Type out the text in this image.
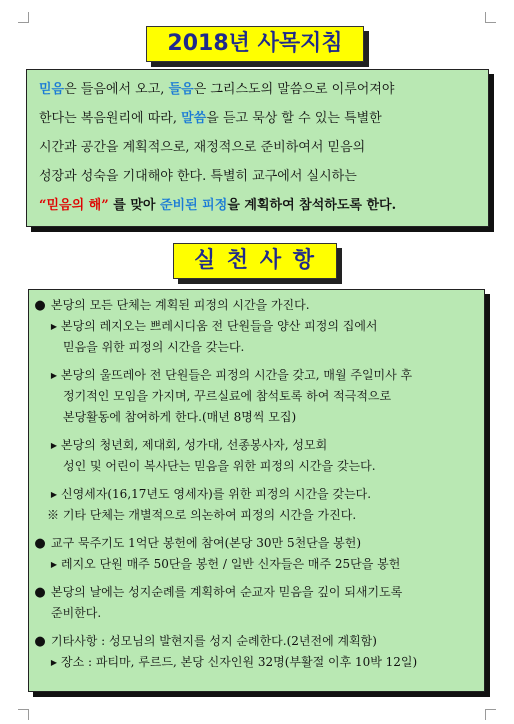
2018년 사목지침
믿음은 들음에서 오고, 들음은 그리스도의 말씀으로 이루어져야
한다는 복음원리에 따라, 말씀을 듣고 묵상 할 수 있는 특별한
시간과 공간을 계획적으로, 재정적으로 준비하여서 믿음의
성장과 성숙을 기대해야 한다. 특별히 교구에서 실시하는
“믿음의 해” 를 맞아 준비된 피정을 계획하여 참석하도록 한다.
실 천 사 항
● 본당의 모든 단체는 계획된 피정의 시간을 가진다.
▶ 본당의 레지오는 쁘레시디움 전 단원들을 양산 피정의 집에서
믿음을 위한 피정의 시간을 갖는다.
▶ 본당의 울뜨레아 전 단원들은 피정의 시간을 갖고, 매월 주일미사 후
정기적인 모임을 가지며, 꾸르실료에 참석토록 하여 적극적으로
본당활동에 참여하게 한다.(매년 8명씩 모집)
▶ 본당의 청년회, 제대회, 성가대, 선종봉사자, 성모회
성인 및 어린이 복사단는 믿음을 위한 피정의 시간을 갖는다.
▶ 신영세자(16,17년도 영세자)를 위한 피정의 시간을 갖는다.
※ 기타 단체는 개별적으로 의논하여 피정의 시간을 가진다.
● 교구 묵주기도 1억단 봉헌에 참여(본당 30만 5천단을 봉헌)
▶ 레지오 단원 매주 50단을 봉헌 / 일반 신자들은 매주 25단을 봉헌
● 본당의 날에는 성지순례를 계획하여 순교자 믿음을 깊이 되새기도록
준비한다.
● 기타사항 : 성모님의 발현지를 성지 순례한다.(2년전에 계획함)
▶ 장소 : 파티마, 루르드, 본당 신자인원 32명(부활절 이후 10박 12일)
